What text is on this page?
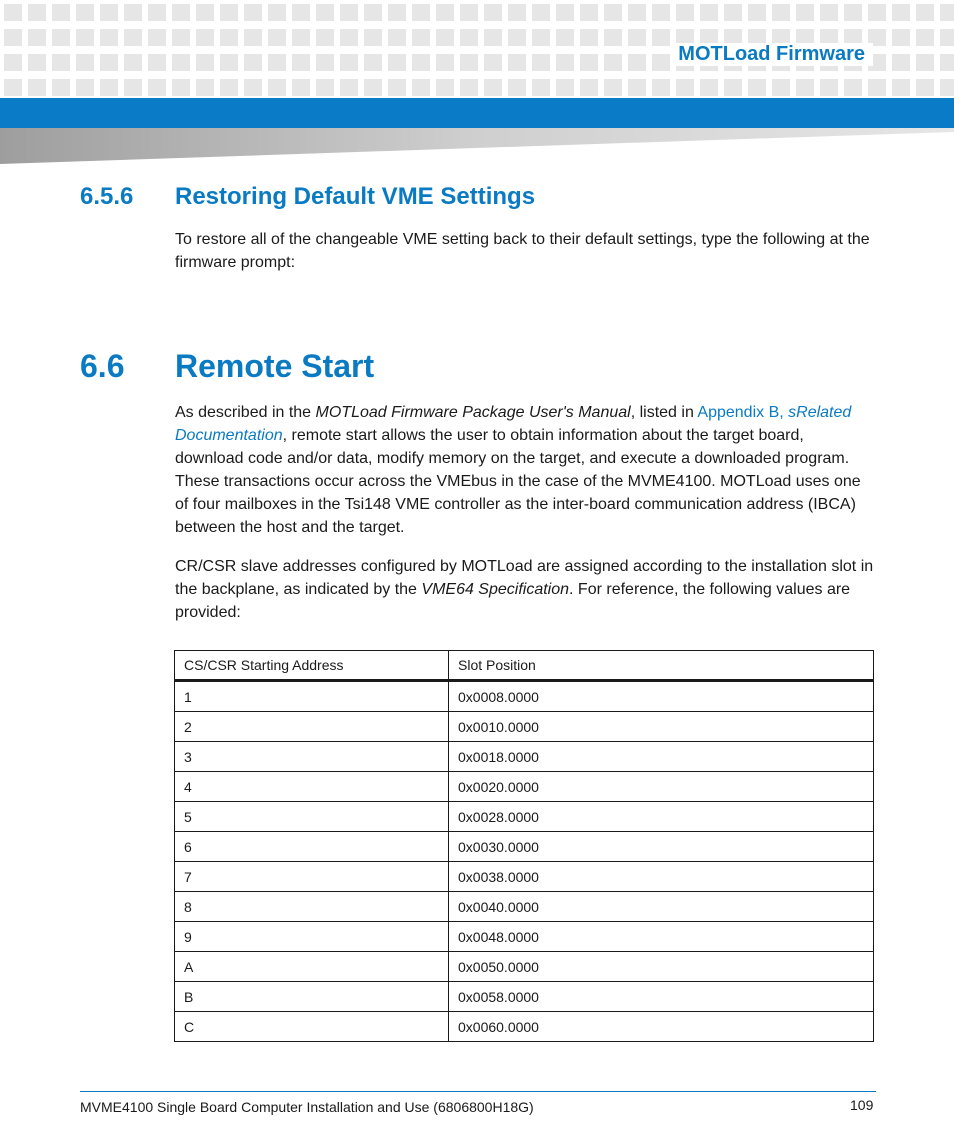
MOTLoad Firmware
6.5.6 Restoring Default VME Settings

To restore all of the changeable VME setting back to their default settings, type the following at the firmware prompt:

6.6 Remote Start

As described in the MOTLoad Firmware Package User's Manual, listed in Appendix B, sRelated Documentation, remote start allows the user to obtain information about the target board, download code and/or data, modify memory on the target, and execute a downloaded program. These transactions occur across the VMEbus in the case of the MVME4100. MOTLoad uses one of four mailboxes in the Tsi148 VME controller as the inter-board communication address (IBCA) between the host and the target.

CR/CSR slave addresses configured by MOTLoad are assigned according to the installation slot in the backplane, as indicated by the VME64 Specification. For reference, the following values are provided:

CS/CSR Starting Address	Slot Position
1	0x0008.0000
2	0x0010.0000
3	0x0018.0000
4	0x0020.0000
5	0x0028.0000
6	0x0030.0000
7	0x0038.0000
8	0x0040.0000
9	0x0048.0000
A	0x0050.0000
B	0x0058.0000
C	0x0060.0000
MVME4100 Single Board Computer Installation and Use (6806800H18G)	109
